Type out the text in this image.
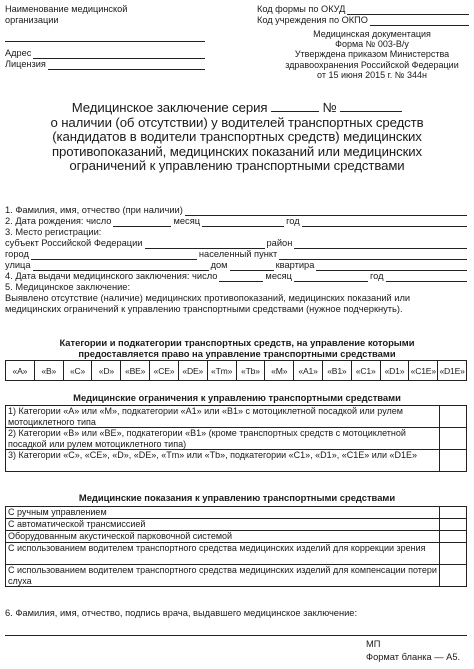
Наименование медицинской организации
Адрес
Лицензия
Код формы по ОКУД
Код учреждения по ОКПО
Медицинская документация
Форма № 003-В/у
Утверждена приказом Министерства
здравоохранения Российской Федерации
от 15 июня 2015 г. № 344н
Медицинское заключение серия	№
о наличии (об отсутствии) у водителей транспортных средств
(кандидатов в водители транспортных средств) медицинских
противопоказаний, медицинских показаний или медицинских
ограничений к управлению транспортными средствами
1. Фамилия, имя, отчество (при наличии)
2. Дата рождения: число	месяц	год
3. Место регистрации:
субъект Российской Федерации	район
город	населенный пункт
улица	дом	квартира
4. Дата выдачи медицинского заключения: число	месяц	год
5. Медицинское заключение:
Выявлено отсутствие (наличие) медицинских противопоказаний, медицинских показаний или
медицинских ограничений к управлению транспортными средствами (нужное подчеркнуть).
Категории и подкатегории транспортных средств, на управление которыми
предоставляется право на управление транспортными средствами
«A»	«B»	«C»	«D»	«BE»	«CE»	«DE»	«Tm»	«Tb»	«M»	«A1»	«B1»	«C1»	«D1»	«C1E»	«D1E»
Медицинские ограничения к управлению транспортными средствами
1) Категории «A» или «M», подкатегории «A1» или «B1» с мотоциклетной посадкой или рулем мотоциклетного типа	
2) Категории «B» или «BE», подкатегории «B1» (кроме транспортных средств с мотоциклетной посадкой или рулем мотоциклетного типа)	
3) Категории «C», «CE», «D», «DE», «Tm» или «Tb», подкатегории «C1», «D1», «C1E» или «D1E»	
Медицинские показания к управлению транспортными средствами
С ручным управлением	
С автоматической трансмиссией	
Оборудованным акустической парковочной системой	
С использованием водителем транспортного средства медицинских изделий для коррекции зрения	
С использованием водителем транспортного средства медицинских изделий для компенсации потери слуха	
6. Фамилия, имя, отчество, подпись врача, выдавшего медицинское заключение:
МП
Формат бланка — А5.
